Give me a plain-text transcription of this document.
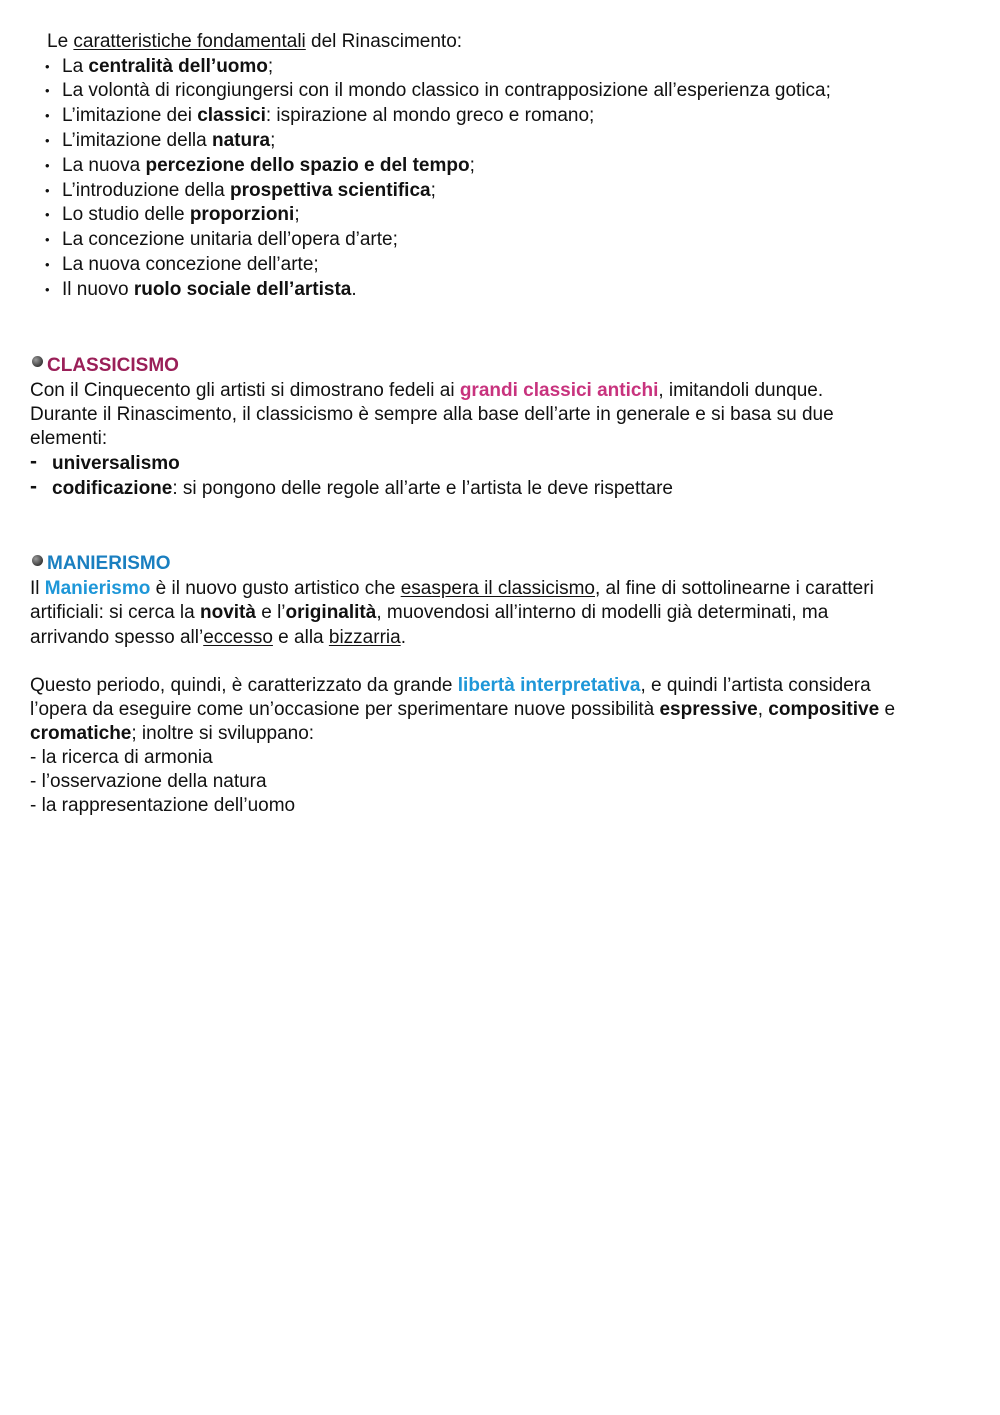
Le caratteristiche fondamentali del Rinascimento:
• La centralità dell’uomo;
• La volontà di ricongiungersi con il mondo classico in contrapposizione all’esperienza gotica;
• L’imitazione dei classici: ispirazione al mondo greco e romano;
• L’imitazione della natura;
• La nuova percezione dello spazio e del tempo;
• L’introduzione della prospettiva scientifica;
• Lo studio delle proporzioni;
• La concezione unitaria dell’opera d’arte;
• La nuova concezione dell’arte;
• Il nuovo ruolo sociale dell’artista.
CLASSICISMO
Con il Cinquecento gli artisti si dimostrano fedeli ai grandi classici antichi, imitandoli dunque.
Durante il Rinascimento, il classicismo è sempre alla base dell’arte in generale e si basa su due
elementi:
- universalismo
- codificazione: si pongono delle regole all’arte e l’artista le deve rispettare
MANIERISMO
Il Manierismo è il nuovo gusto artistico che esaspera il classicismo, al fine di sottolinearne i caratteri
artificiali: si cerca la novità e l’originalità, muovendosi all’interno di modelli già determinati, ma
arrivando spesso all’eccesso e alla bizzarria.
Questo periodo, quindi, è caratterizzato da grande libertà interpretativa, e quindi l’artista considera
l’opera da eseguire come un’occasione per sperimentare nuove possibilità espressive, compositive e
cromatiche; inoltre si sviluppano:
- la ricerca di armonia
- l’osservazione della natura
- la rappresentazione dell’uomo
